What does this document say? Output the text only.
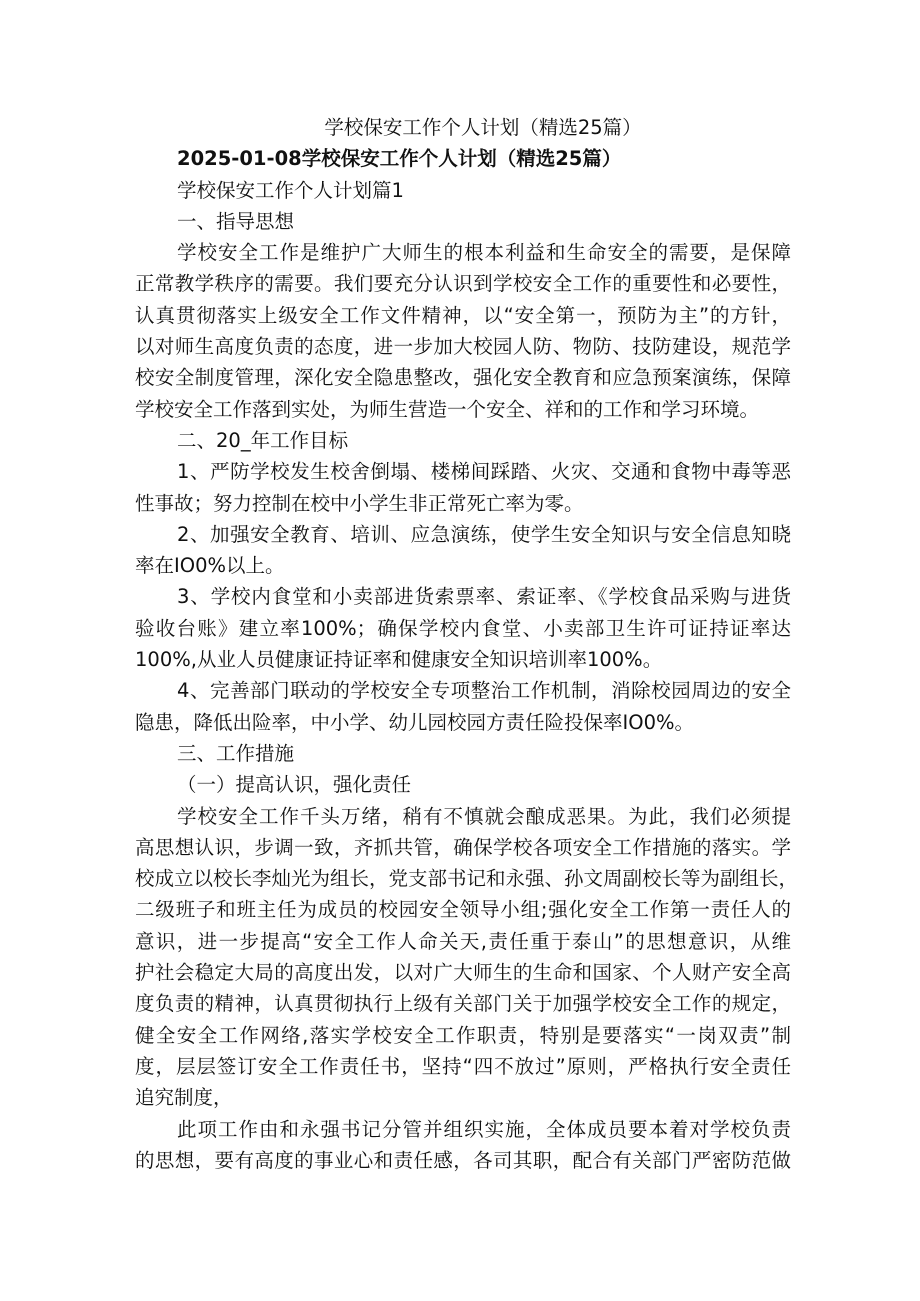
学校保安工作个人计划（精选25篇）

2025-01-08学校保安工作个人计划（精选25篇）

学校保安工作个人计划篇1

一、指导思想

学校安全工作是维护广大师生的根本利益和生命安全的需要，是保障

正常教学秩序的需要。我们要充分认识到学校安全工作的重要性和必要性，

认真贯彻落实上级安全工作文件精神，以“安全第一，预防为主”的方针，

以对师生高度负责的态度，进一步加大校园人防、物防、技防建设，规范学

校安全制度管理，深化安全隐患整改，强化安全教育和应急预案演练，保障

学校安全工作落到实处，为师生营造一个安全、祥和的工作和学习环境。

二、20_年工作目标

1、严防学校发生校舍倒塌、楼梯间踩踏、火灾、交通和食物中毒等恶

性事故；努力控制在校中小学生非正常死亡率为零。

2、加强安全教育、培训、应急演练，使学生安全知识与安全信息知晓

率在IO0%以上。

3、学校内食堂和小卖部进货索票率、索证率、《学校食品采购与进货

验收台账》建立率100%；确保学校内食堂、小卖部卫生许可证持证率达

100%,从业人员健康证持证率和健康安全知识培训率100%。

4、完善部门联动的学校安全专项整治工作机制，消除校园周边的安全

隐患，降低出险率，中小学、幼儿园校园方责任险投保率IO0%。

三、工作措施

（一）提高认识，强化责任

学校安全工作千头万绪，稍有不慎就会酿成恶果。为此，我们必须提

高思想认识，步调一致，齐抓共管，确保学校各项安全工作措施的落实。学

校成立以校长李灿光为组长，党支部书记和永强、孙文周副校长等为副组长，

二级班子和班主任为成员的校园安全领导小组;强化安全工作第一责任人的

意识，进一步提高“安全工作人命关天,责任重于泰山”的思想意识，从维

护社会稳定大局的高度出发，以对广大师生的生命和国家、个人财产安全高

度负责的精神，认真贯彻执行上级有关部门关于加强学校安全工作的规定，

健全安全工作网络,落实学校安全工作职责，特别是要落实“一岗双责”制

度，层层签订安全工作责任书，坚持“四不放过”原则，严格执行安全责任

追究制度，

此项工作由和永强书记分管并组织实施，全体成员要本着对学校负责

的思想，要有高度的事业心和责任感，各司其职，配合有关部门严密防范做
